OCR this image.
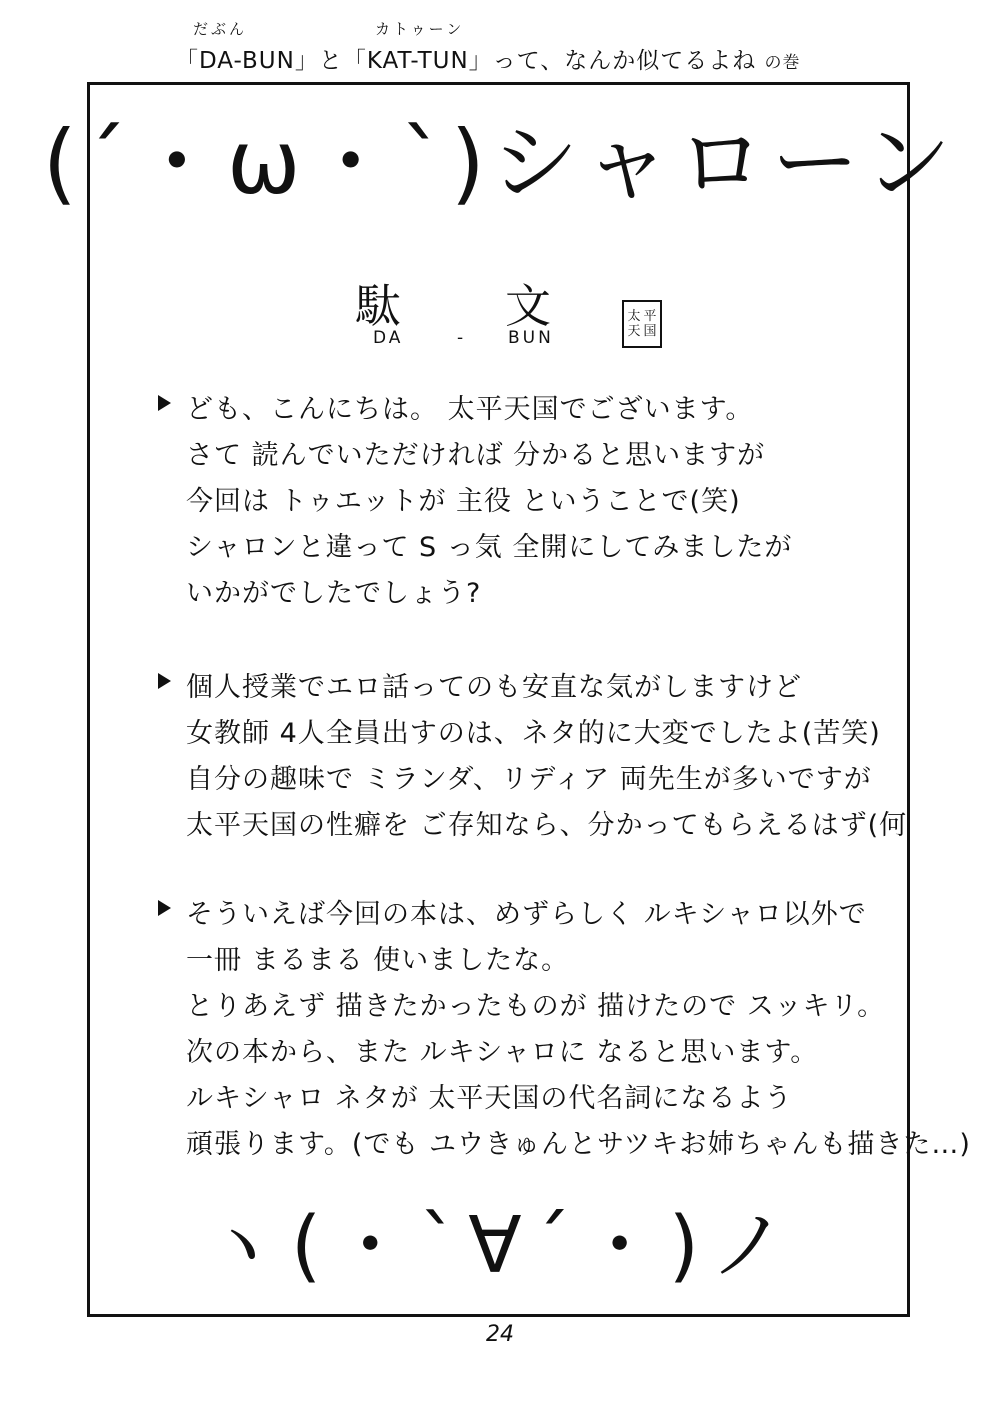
だぶん	カトゥーン
「DA-BUN」と「KAT-TUN」って、なんか似てるよね の巻
(´・ω・`)シャローン
駄 文
DA	- BUN
太 平
天 国
ども、こんにちは。 太平天国でございます。
さて 読んでいただければ 分かると思いますが
今回は トゥエットが 主役 ということで(笑)
シャロンと違って S っ気 全開にしてみましたが
いかがでしたでしょう?
個人授業でエロ話ってのも安直な気がしますけど
女教師 4人全員出すのは、ネタ的に大変でしたよ(苦笑)
自分の趣味で ミランダ、リディア 両先生が多いですが
太平天国の性癖を ご存知なら、分かってもらえるはず(何
そういえば今回の本は、めずらしく ルキシャロ以外で
一冊 まるまる 使いましたな。
とりあえず 描きたかったものが 描けたので スッキリ。
次の本から、また ルキシャロに なると思います。
ルキシャロ ネタが 太平天国の代名詞になるよう
頑張ります。(でも ユウきゅんとサツキお姉ちゃんも描きた…)
ヽ(・`∀´・)ノ
24
